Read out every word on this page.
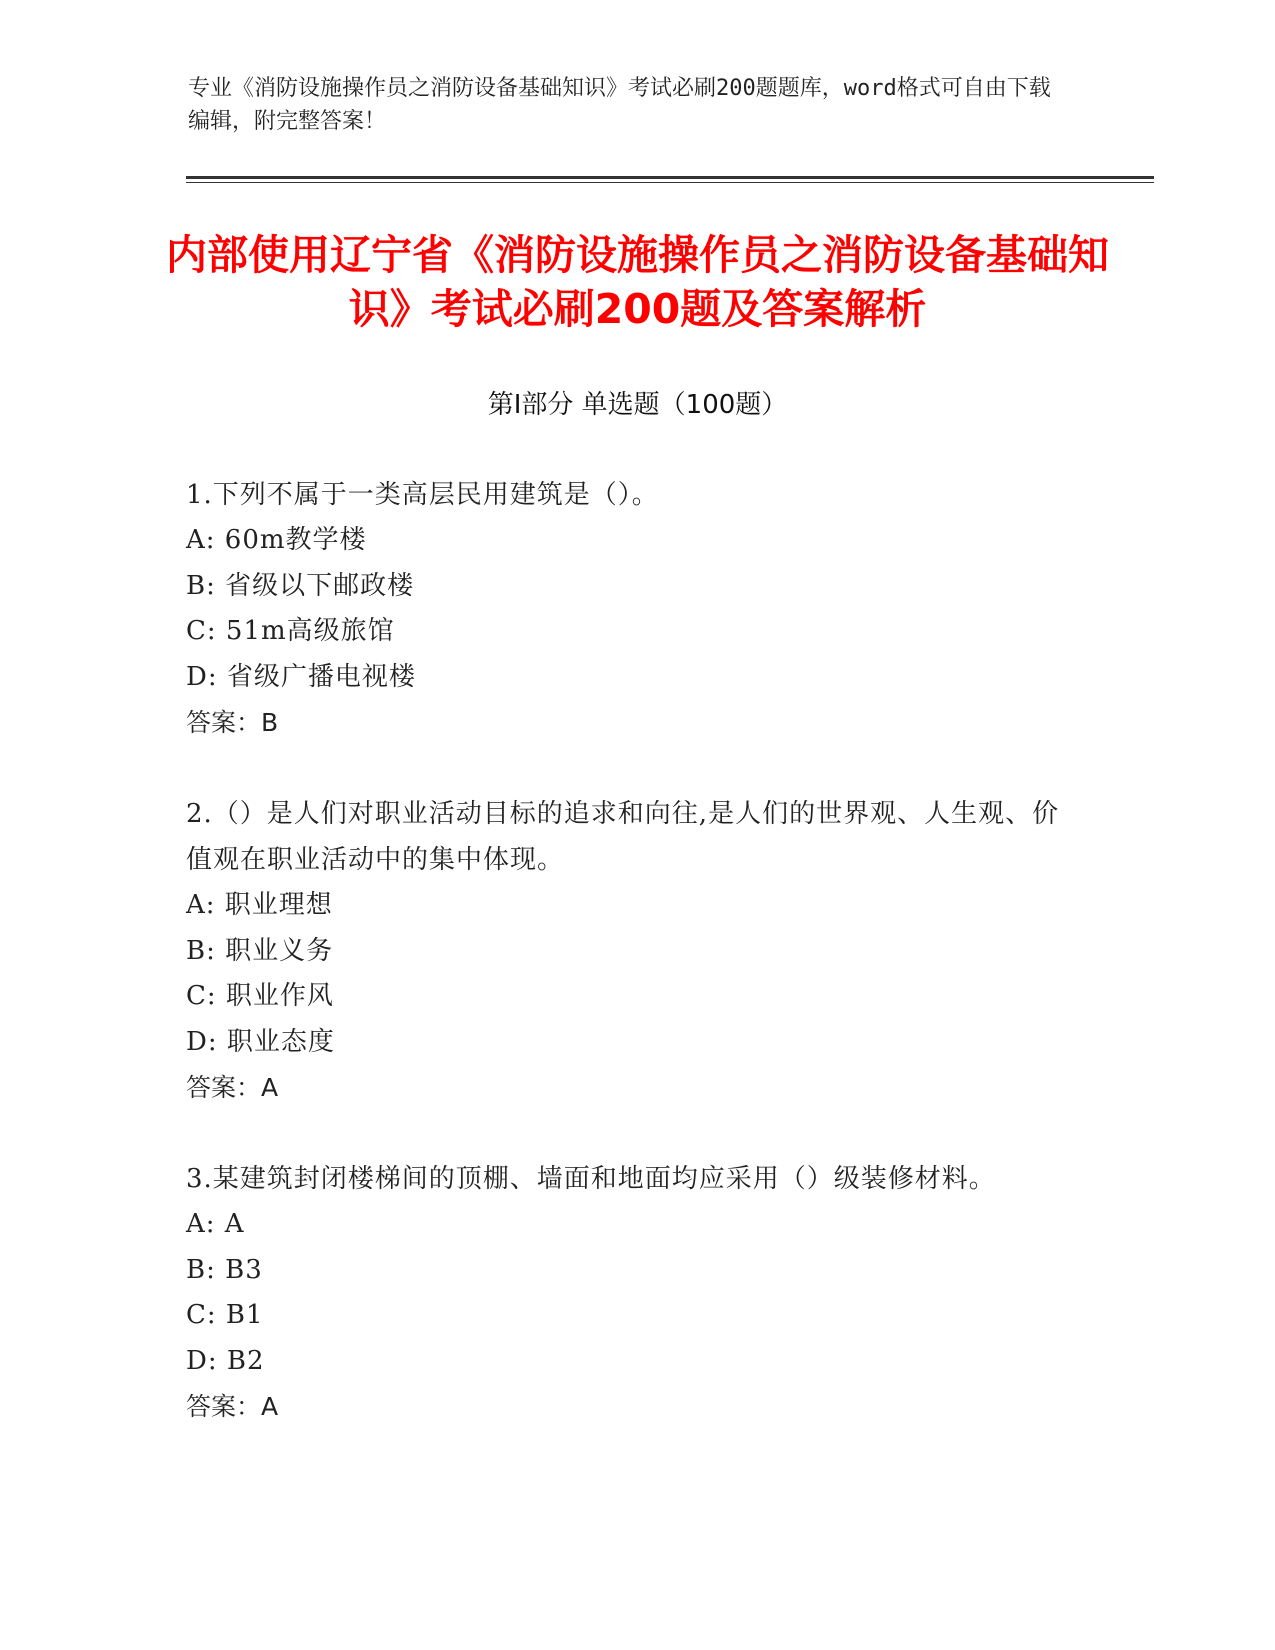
专业《消防设施操作员之消防设备基础知识》考试必刷200题题库，word格式可自由下载编辑，附完整答案！
内部使用辽宁省《消防设施操作员之消防设备基础知识》考试必刷200题及答案解析
第I部分 单选题（100题）
1.下列不属于一类高层民用建筑是（）。
A: 60m教学楼
B: 省级以下邮政楼
C: 51m高级旅馆
D: 省级广播电视楼
答案：B
2.（）是人们对职业活动目标的追求和向往,是人们的世界观、人生观、价值观在职业活动中的集中体现。
A: 职业理想
B: 职业义务
C: 职业作风
D: 职业态度
答案：A
3.某建筑封闭楼梯间的顶棚、墙面和地面均应采用（）级装修材料。
A: A
B: B3
C: B1
D: B2
答案：A
